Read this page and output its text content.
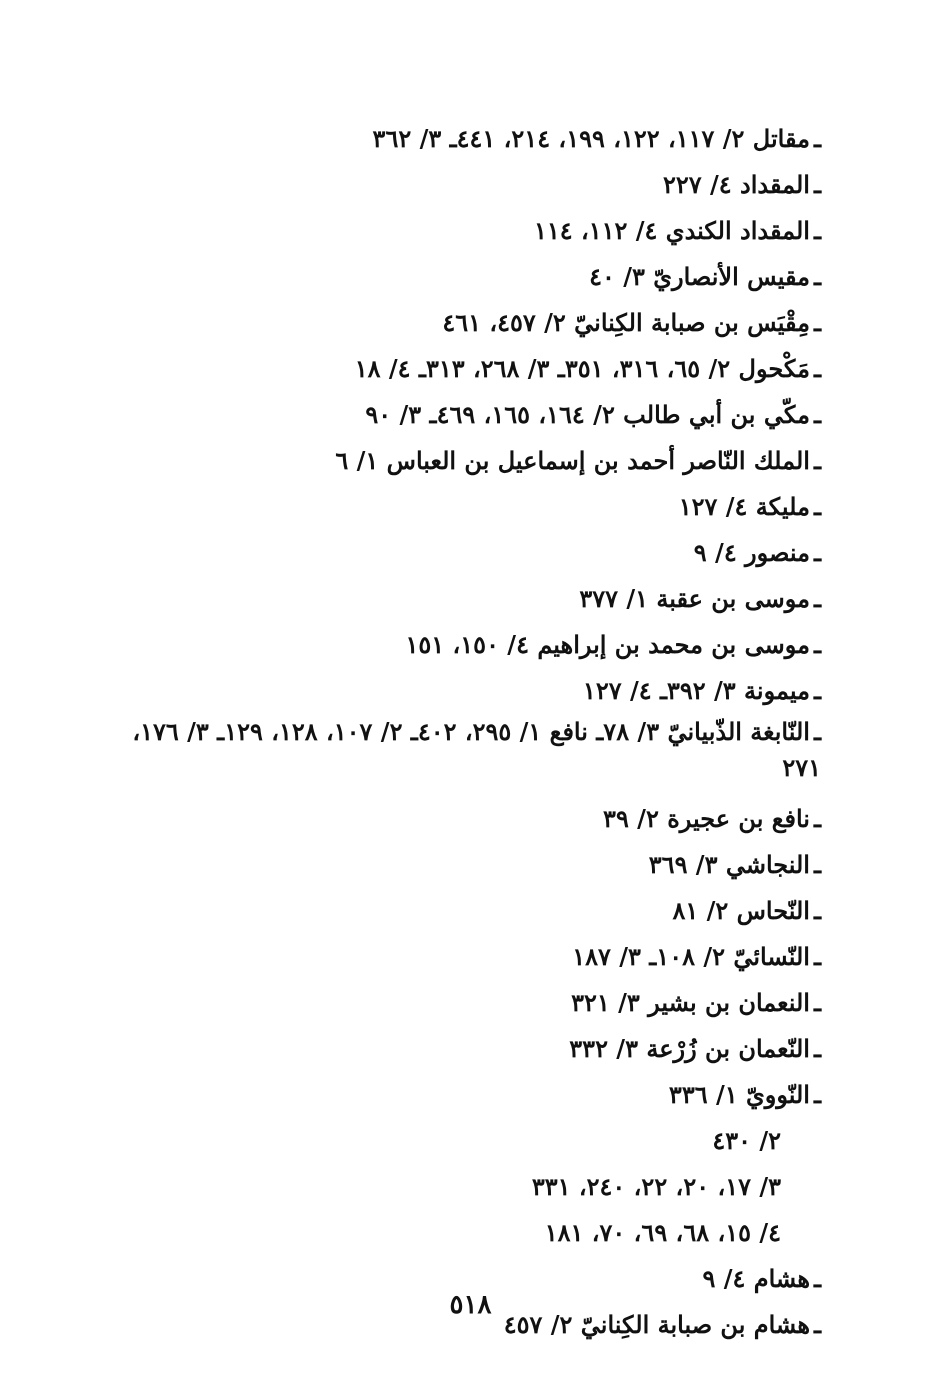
ـمقاتل ٢/ ١١٧، ١٢٢، ١٩٩، ٢١٤، ٤٤١ـ ٣/ ٣٦٢
ـالمقداد ٤/ ٢٢٧
ـالمقداد الكندي ٤/ ١١٢، ١١٤
ـمقيس الأنصاريّ ٣/ ٤٠
ـمِقْيَس بن صبابة الكِنانيّ ٢/ ٤٥٧، ٤٦١
ـمَكْحول ٢/ ٦٥، ٣١٦، ٣٥١ـ ٣/ ٢٦٨، ٣١٣ـ ٤/ ١٨
ـمكّي بن أبي طالب ٢/ ١٦٤، ١٦٥، ٤٦٩ـ ٣/ ٩٠
ـالملك النّاصر أحمد بن إسماعيل بن العباس ١/ ٦
ـمليكة ٤/ ١٢٧
ـمنصور ٤/ ٩
ـموسى بن عقبة ١/ ٣٧٧
ـموسى بن محمد بن إبراهيم ٤/ ١٥٠، ١٥١
ـميمونة ٣/ ٣٩٢ـ ٤/ ١٢٧
ـالنّابغة الذّبيانيّ ٣/ ٧٨ـ نافع ١/ ٢٩٥، ٤٠٢ـ ٢/ ١٠٧، ١٢٨، ١٢٩ـ ٣/ ١٧٦، ٢٧١
ـنافع بن عجيرة ٢/ ٣٩
ـالنجاشي ٣/ ٣٦٩
ـالنّحاس ٢/ ٨١
ـالنّسائيّ ٢/ ١٠٨ـ ٣/ ١٨٧
ـالنعمان بن بشير ٣/ ٣٢١
ـالنّعمان بن زُرْعة ٣/ ٣٣٢
ـالنّوويّ ١/ ٣٣٦
٢/ ٤٣٠
٣/ ١٧، ٢٠، ٢٢، ٢٤٠، ٣٣١
٤/ ١٥، ٦٨، ٦٩، ٧٠، ١٨١
ـهشام ٤/ ٩
ـهشام بن صبابة الكِنانيّ ٢/ ٤٥٧
٥١٨
